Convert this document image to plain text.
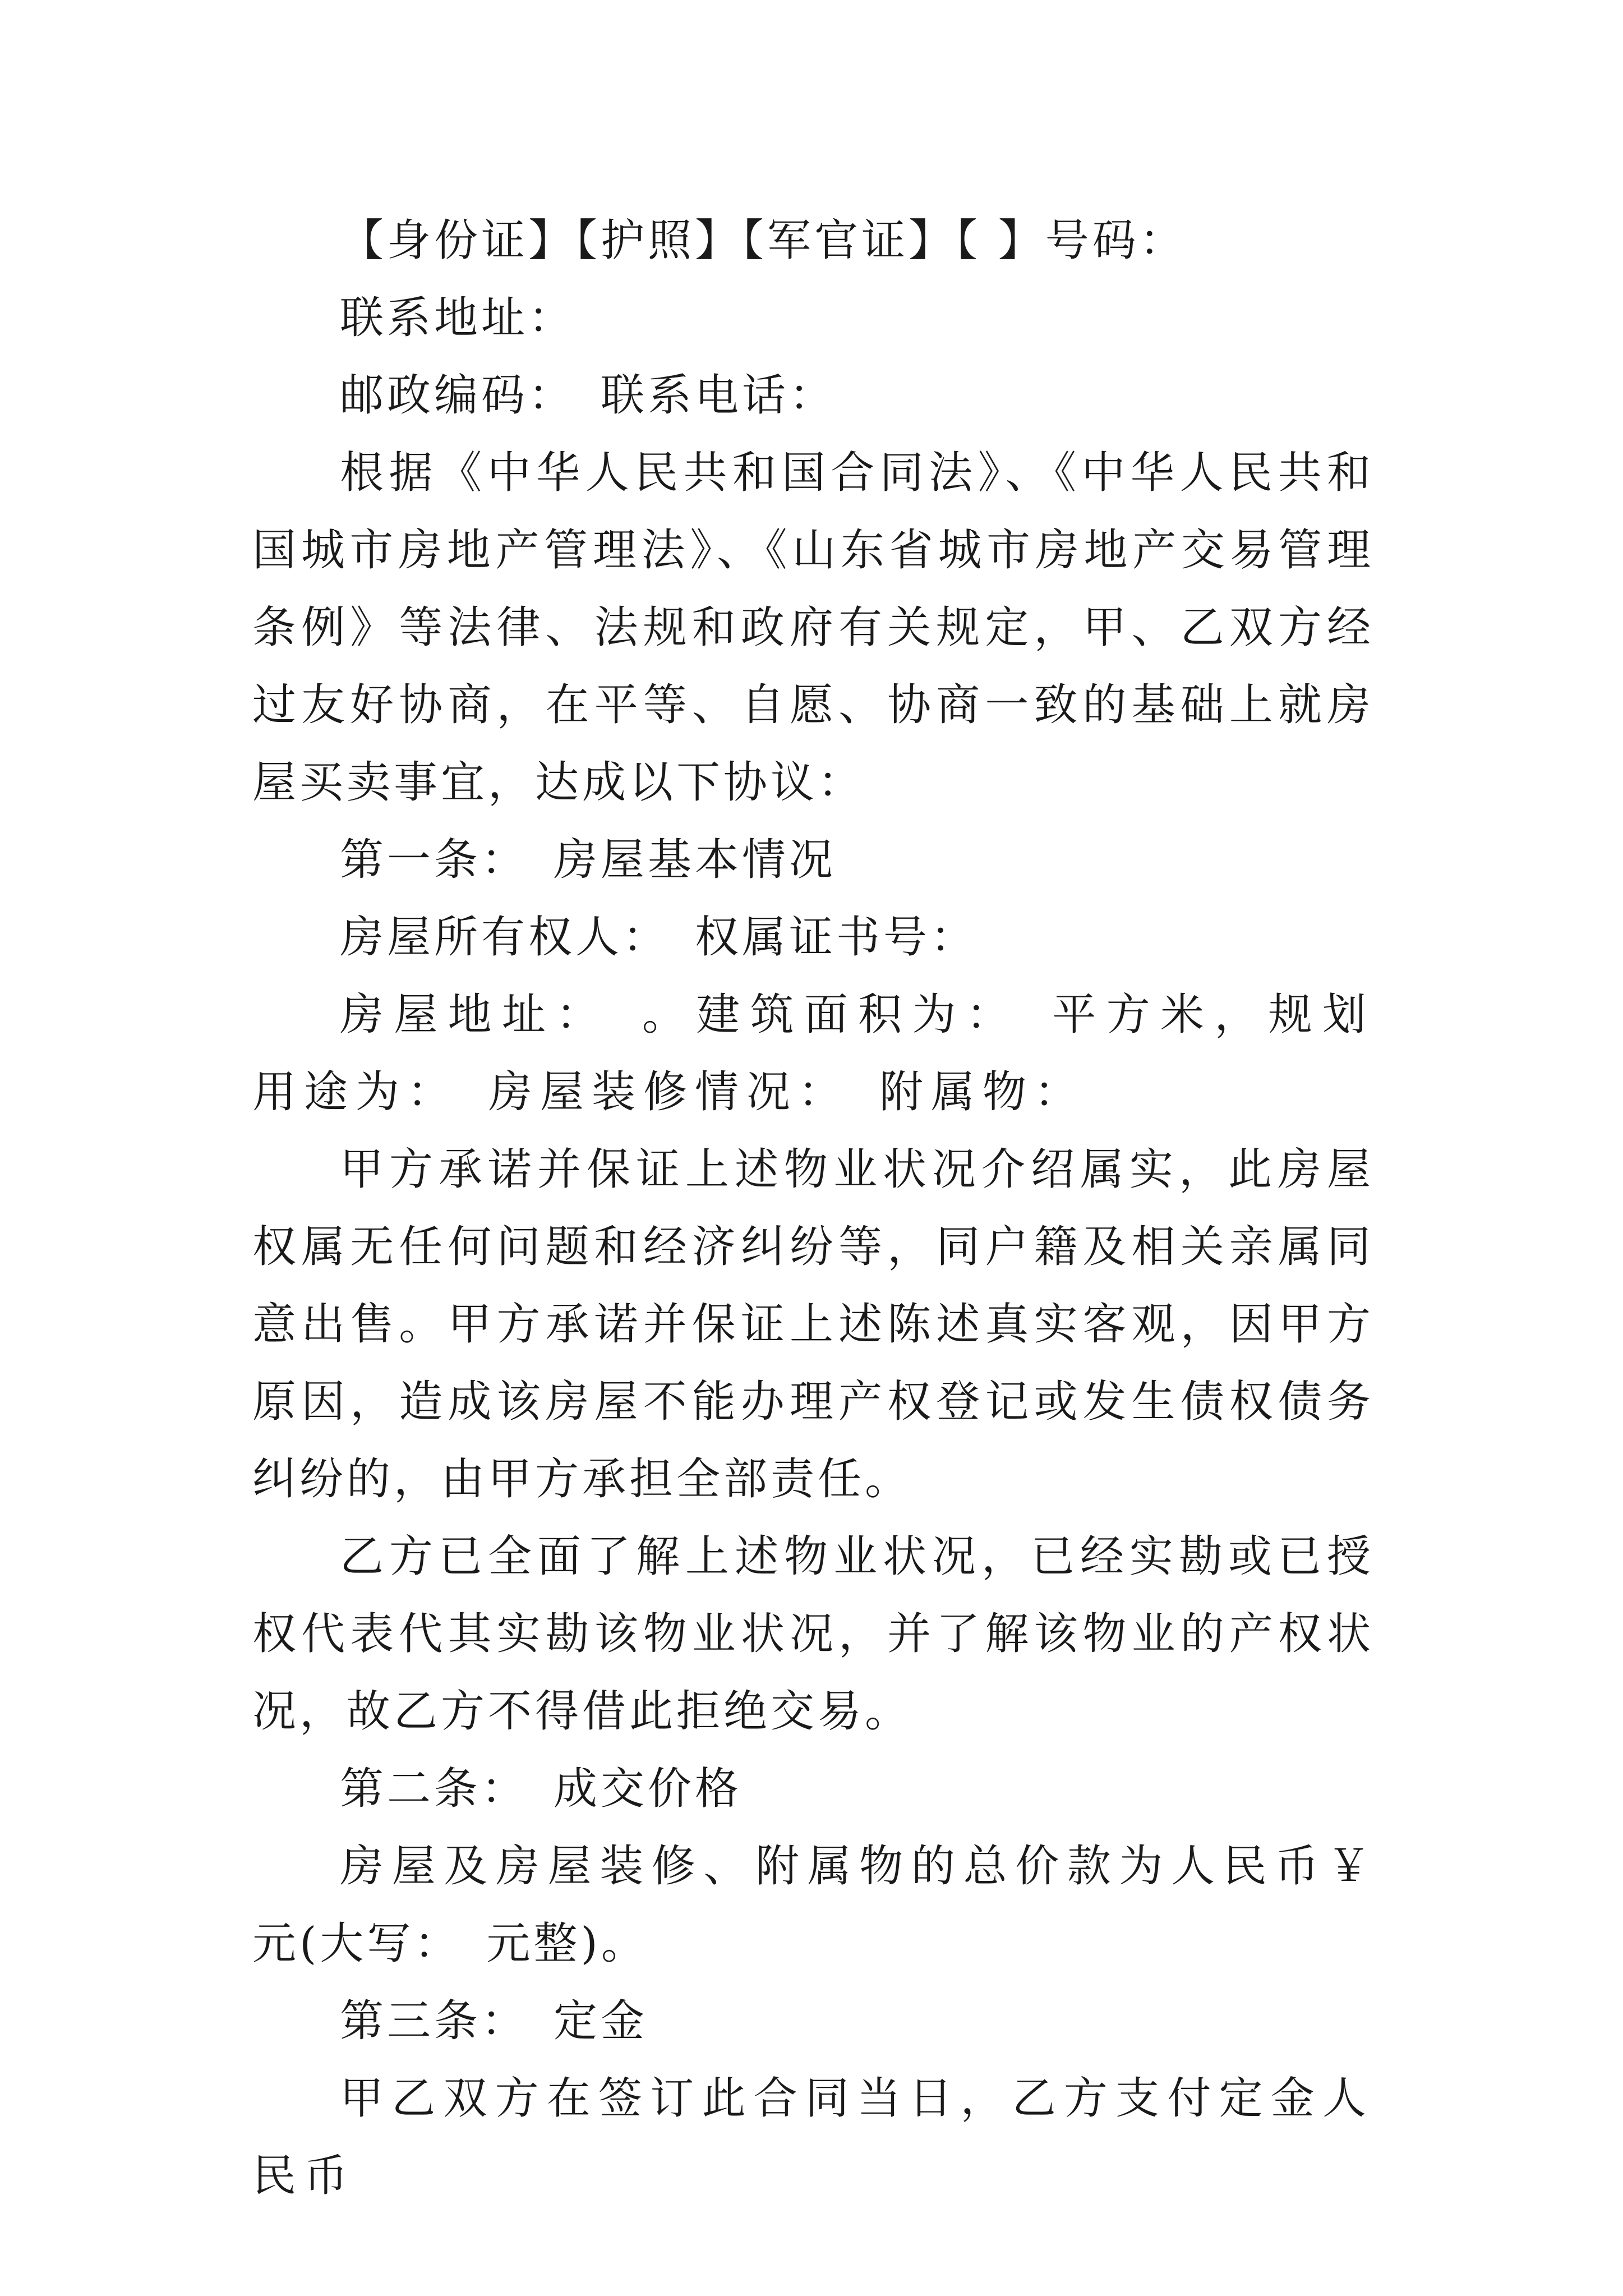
【身份证】【护照】【军官证】【 】号码：

联系地址：

邮政编码：　联系电话：

根据《中华人民共和国合同法》、《中华人民共和国城市房地产管理法》、《山东省城市房地产交易管理条例》等法律、法规和政府有关规定，甲、乙双方经过友好协商，在平等、自愿、协商一致的基础上就房屋买卖事宜，达成以下协议：

第一条：　房屋基本情况

房屋所有权人：　权属证书号：

房屋地址：　。建筑面积为：　平方米，规划用途为：　房屋装修情况：　附属物：

甲方承诺并保证上述物业状况介绍属实，此房屋权属无任何问题和经济纠纷等，同户籍及相关亲属同意出售。甲方承诺并保证上述陈述真实客观，因甲方原因，造成该房屋不能办理产权登记或发生债权债务纠纷的，由甲方承担全部责任。

乙方已全面了解上述物业状况，已经实勘或已授权代表代其实勘该物业状况，并了解该物业的产权状况，故乙方不得借此拒绝交易。

第二条：　成交价格

房屋及房屋装修、附属物的总价款为人民币￥　元(大写：　元整)。

第三条：　定金

甲乙双方在签订此合同当日，乙方支付定金人民币
